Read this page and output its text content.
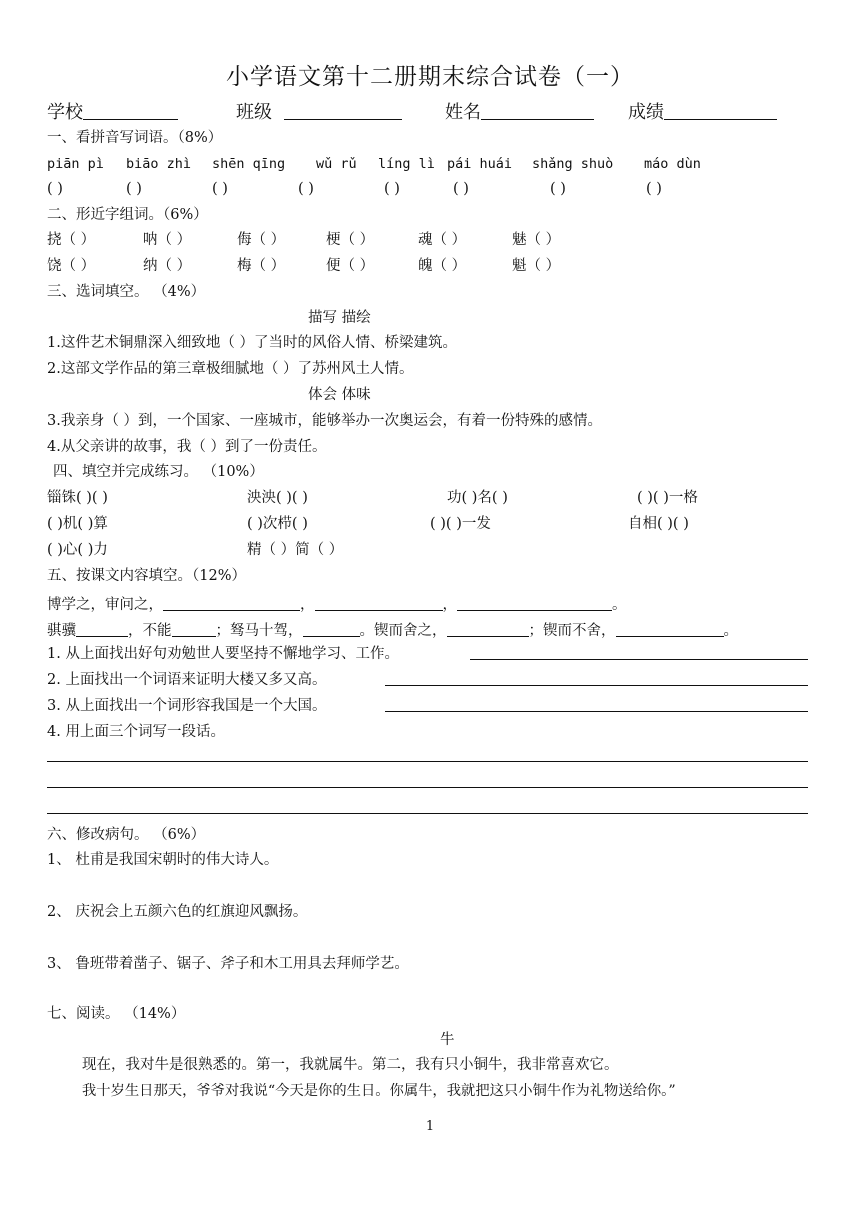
小学语文第十二册期末综合试卷（一）
学校	班级	姓名	成绩
一、看拼音写词语。（8%）
piān pì biāo zhì shēn qīng wǔ rǔ líng lì pái huái shǎng shuò máo dùn
( )	( )	( )	( )	( )	( )	( )	( )
二、形近字组词。（6%）
挠（ ）	呐（ ）	侮（ ）	梗（ ）	魂（ ）	魅（ ）
饶（ ）	纳（ ）	梅（ ）	便（ ）	魄（ ）	魁（ ）
三、选词填空。 （4%）
描写 描绘
1.这件艺术铜鼎深入细致地（ ）了当时的风俗人情、桥梁建筑。
2.这部文学作品的第三章极细腻地（ ）了苏州风土人情。
体会 体味
3.我亲身（ ）到，一个国家、一座城市，能够举办一次奥运会，有着一份特殊的感情。
4.从父亲讲的故事，我（ ）到了一份责任。
四、填空并完成练习。 （10%）
锱铢( )( )	泱泱( )( )	功( )名( )	( )( )一格
( )机( )算	( )次栉( )	( )( )一发	自相( )( )
( )心( )力	精（ ）简（ ）
五、按课文内容填空。（12%）
博学之，审问之，	，	，	。
骐骥	，不能	；驽马十驾，	。锲而舍之，	；锲而不舍，	。
1. 从上面找出好句劝勉世人要坚持不懈地学习、工作。
2. 上面找出一个词语来证明大楼又多又高。
3. 从上面找出一个词形容我国是一个大国。
4. 用上面三个词写一段话。
六、修改病句。 （6%）
1、 杜甫是我国宋朝时的伟大诗人。
2、 庆祝会上五颜六色的红旗迎风飘扬。
3、 鲁班带着凿子、锯子、斧子和木工用具去拜师学艺。
七、阅读。 （14%）
牛
现在，我对牛是很熟悉的。第一，我就属牛。第二，我有只小铜牛，我非常喜欢它。
我十岁生日那天，爷爷对我说“今天是你的生日。你属牛，我就把这只小铜牛作为礼物送给你。”
1
